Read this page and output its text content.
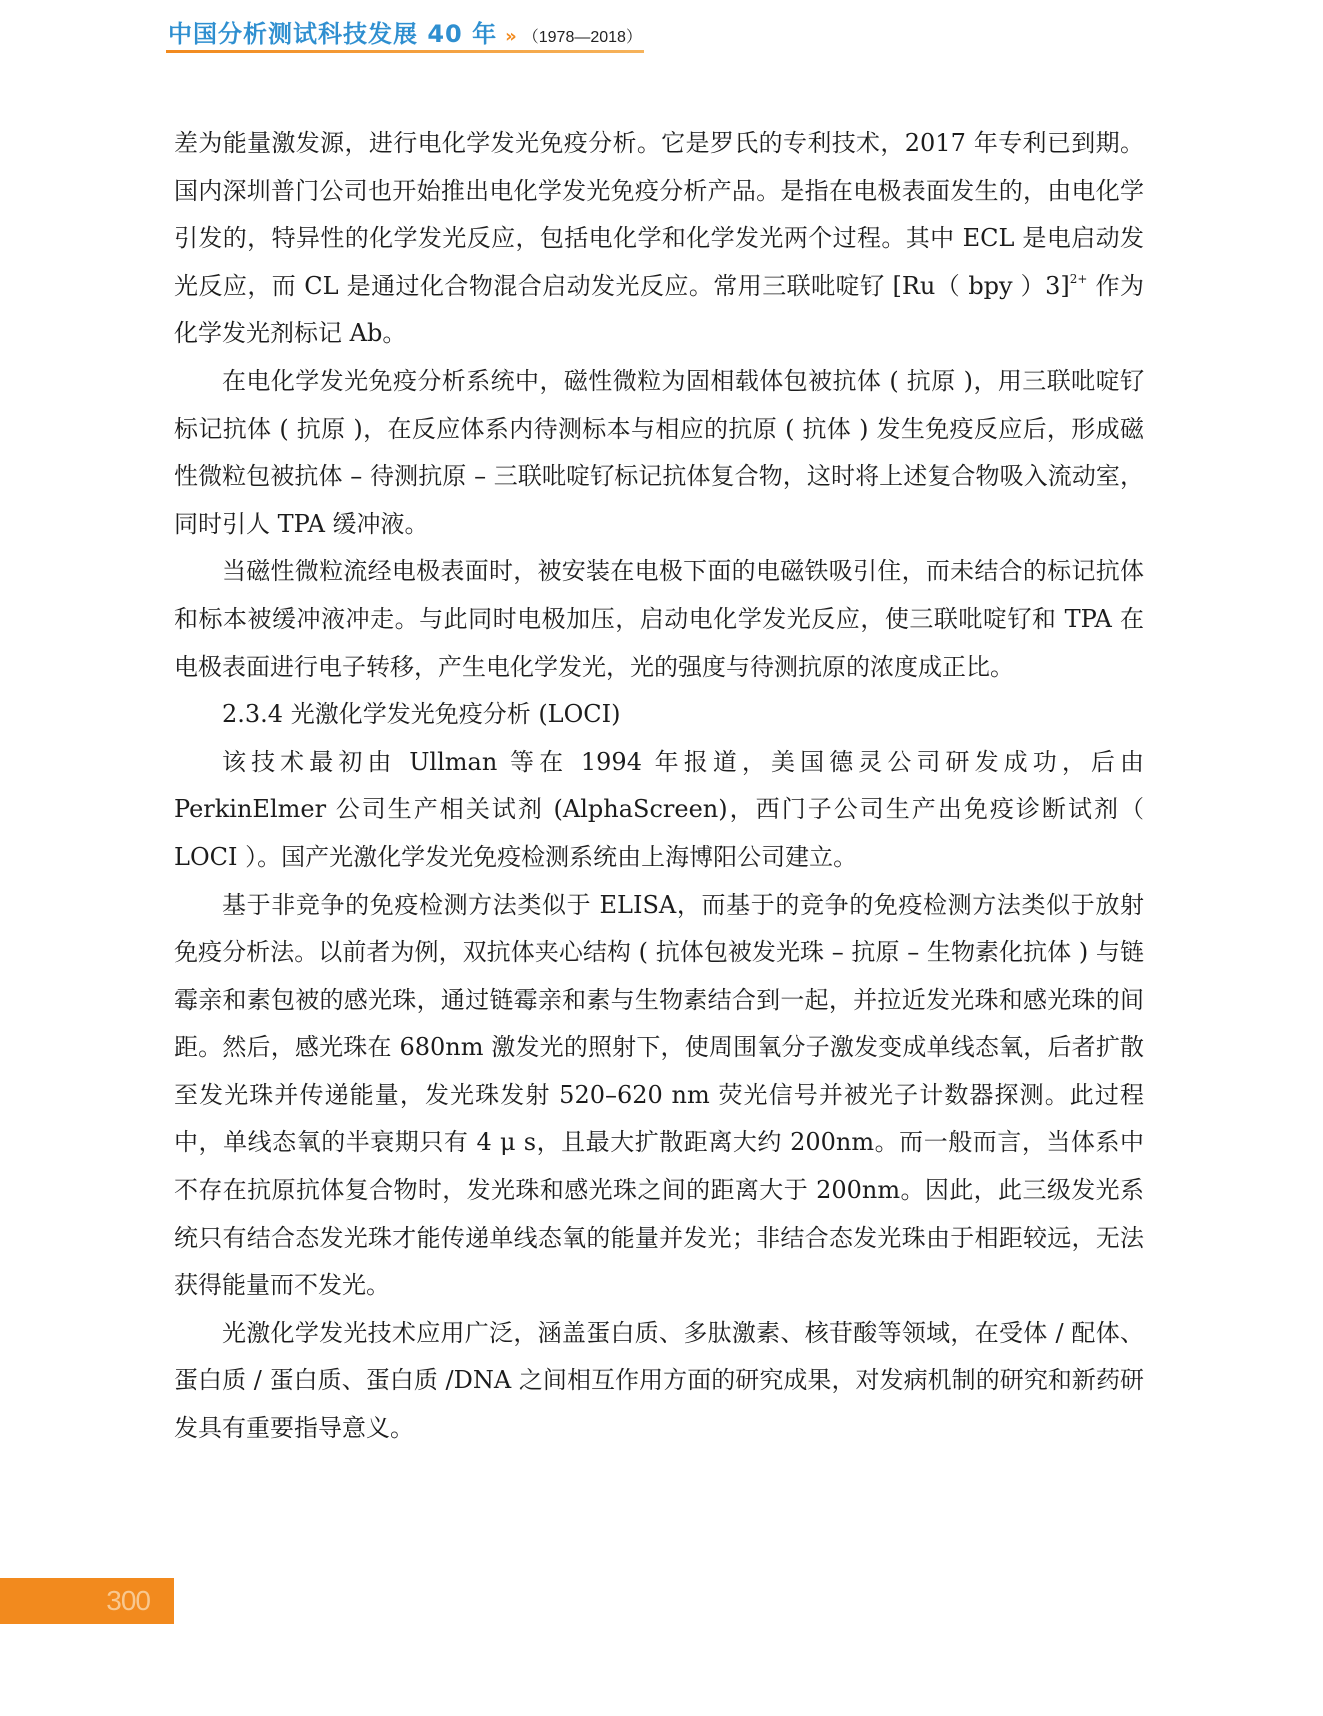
中国分析测试科技发展 40 年 » （1978—2018）

差为能量激发源，进行电化学发光免疫分析。它是罗氏的专利技术，2017 年专利已到期。国内深圳普门公司也开始推出电化学发光免疫分析产品。是指在电极表面发生的，由电化学引发的，特异性的化学发光反应，包括电化学和化学发光两个过程。其中 ECL 是电启动发光反应，而 CL 是通过化合物混合启动发光反应。常用三联吡啶钌 [Ru（ bpy ）3]$^{2+}$ 作为化学发光剂标记 Ab。

在电化学发光免疫分析系统中，磁性微粒为固相载体包被抗体 ( 抗原 )，用三联吡啶钌标记抗体 ( 抗原 )，在反应体系内待测标本与相应的抗原 ( 抗体 ) 发生免疫反应后，形成磁性微粒包被抗体 – 待测抗原 – 三联吡啶钌标记抗体复合物，这时将上述复合物吸入流动室，同时引人 TPA 缓冲液。

当磁性微粒流经电极表面时，被安装在电极下面的电磁铁吸引住，而未结合的标记抗体和标本被缓冲液冲走。与此同时电极加压，启动电化学发光反应，使三联吡啶钌和 TPA 在电极表面进行电子转移，产生电化学发光，光的强度与待测抗原的浓度成正比。

2.3.4 光激化学发光免疫分析 (LOCI)

该技术最初由 Ullman 等在 1994 年报道，美国德灵公司研发成功，后由 PerkinElmer 公司生产相关试剂 (AlphaScreen)，西门子公司生产出免疫诊断试剂（ LOCI ）。国产光激化学发光免疫检测系统由上海博阳公司建立。

基于非竞争的免疫检测方法类似于 ELISA，而基于的竞争的免疫检测方法类似于放射免疫分析法。以前者为例，双抗体夹心结构 ( 抗体包被发光珠 – 抗原 – 生物素化抗体 ) 与链霉亲和素包被的感光珠，通过链霉亲和素与生物素结合到一起，并拉近发光珠和感光珠的间距。然后，感光珠在 680nm 激发光的照射下，使周围氧分子激发变成单线态氧，后者扩散至发光珠并传递能量，发光珠发射 520–620 nm 荧光信号并被光子计数器探测。此过程中，单线态氧的半衰期只有 4 μ s，且最大扩散距离大约 200nm。而一般而言，当体系中不存在抗原抗体复合物时，发光珠和感光珠之间的距离大于 200nm。因此，此三级发光系统只有结合态发光珠才能传递单线态氧的能量并发光；非结合态发光珠由于相距较远，无法获得能量而不发光。

光激化学发光技术应用广泛，涵盖蛋白质、多肽激素、核苷酸等领域，在受体 / 配体、蛋白质 / 蛋白质、蛋白质 /DNA 之间相互作用方面的研究成果，对发病机制的研究和新药研发具有重要指导意义。

300
